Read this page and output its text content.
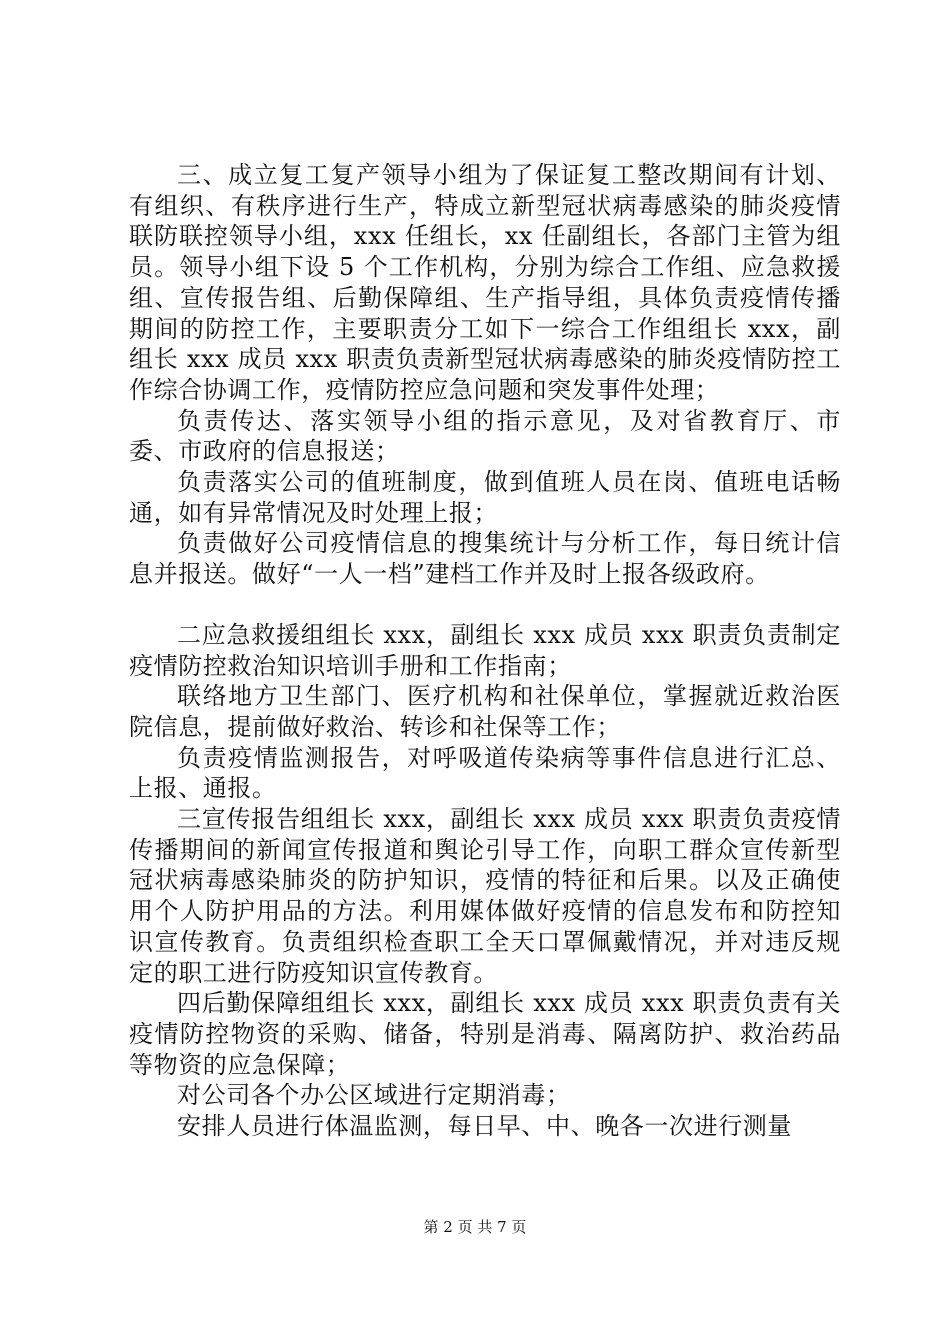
三、成立复工复产领导小组为了保证复工整改期间有计划、有组织、有秩序进行生产，特成立新型冠状病毒感染的肺炎疫情联防联控领导小组，xxx 任组长，xx 任副组长，各部门主管为组员。领导小组下设 5 个工作机构，分别为综合工作组、应急救援组、宣传报告组、后勤保障组、生产指导组，具体负责疫情传播期间的防控工作，主要职责分工如下一综合工作组组长 xxx，副组长 xxx 成员 xxx 职责负责新型冠状病毒感染的肺炎疫情防控工作综合协调工作，疫情防控应急问题和突发事件处理；

负责传达、落实领导小组的指示意见，及对省教育厅、市委、市政府的信息报送；

负责落实公司的值班制度，做到值班人员在岗、值班电话畅通，如有异常情况及时处理上报；

负责做好公司疫情信息的搜集统计与分析工作，每日统计信息并报送。做好“一人一档”建档工作并及时上报各级政府。

二应急救援组组长 xxx，副组长 xxx 成员 xxx 职责负责制定疫情防控救治知识培训手册和工作指南；

联络地方卫生部门、医疗机构和社保单位，掌握就近救治医院信息，提前做好救治、转诊和社保等工作；

负责疫情监测报告，对呼吸道传染病等事件信息进行汇总、上报、通报。

三宣传报告组组长 xxx，副组长 xxx 成员 xxx 职责负责疫情传播期间的新闻宣传报道和舆论引导工作，向职工群众宣传新型冠状病毒感染肺炎的防护知识，疫情的特征和后果。以及正确使用个人防护用品的方法。利用媒体做好疫情的信息发布和防控知识宣传教育。负责组织检查职工全天口罩佩戴情况，并对违反规定的职工进行防疫知识宣传教育。

四后勤保障组组长 xxx，副组长 xxx 成员 xxx 职责负责有关疫情防控物资的采购、储备，特别是消毒、隔离防护、救治药品等物资的应急保障；

对公司各个办公区域进行定期消毒；

安排人员进行体温监测，每日早、中、晚各一次进行测量

第 2 页 共 7 页
